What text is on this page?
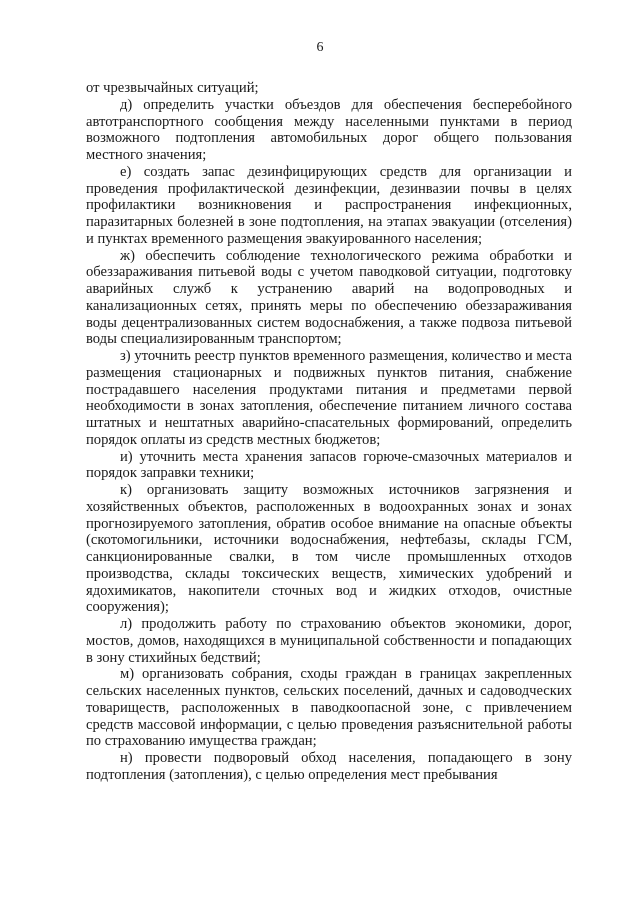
6

от чрезвычайных ситуаций;

д) определить участки объездов для обеспечения бесперебойного автотранспортного сообщения между населенными пунктами в период возможного подтопления автомобильных дорог общего пользования местного значения;

е) создать запас дезинфицирующих средств для организации и проведения профилактической дезинфекции, дезинвазии почвы в целях профилактики возникновения и распространения инфекционных, паразитарных болезней в зоне подтопления, на этапах эвакуации (отселения) и пунктах временного размещения эвакуированного населения;

ж) обеспечить соблюдение технологического режима обработки и обеззараживания питьевой воды с учетом паводковой ситуации, подготовку аварийных служб к устранению аварий на водопроводных и канализационных сетях, принять меры по обеспечению обеззараживания воды децентрализованных систем водоснабжения, а также подвоза питьевой воды специализированным транспортом;

з) уточнить реестр пунктов временного размещения, количество и места размещения стационарных и подвижных пунктов питания, снабжение пострадавшего населения продуктами питания и предметами первой необходимости в зонах затопления, обеспечение питанием личного состава штатных и нештатных аварийно-спасательных формирований, определить порядок оплаты из средств местных бюджетов;

и) уточнить места хранения запасов горюче-смазочных материалов и порядок заправки техники;

к) организовать защиту возможных источников загрязнения и хозяйственных объектов, расположенных в водоохранных зонах и зонах прогнозируемого затопления, обратив особое внимание на опасные объекты (скотомогильники, источники водоснабжения, нефтебазы, склады ГСМ, санкционированные свалки, в том числе промышленных отходов производства, склады токсических веществ, химических удобрений и ядохимикатов, накопители сточных вод и жидких отходов, очистные сооружения);

л) продолжить работу по страхованию объектов экономики, дорог, мостов, домов, находящихся в муниципальной собственности и попадающих в зону стихийных бедствий;

м) организовать собрания, сходы граждан в границах закрепленных сельских населенных пунктов, сельских поселений, дачных и садоводческих товариществ, расположенных в паводкоопасной зоне, с привлечением средств массовой информации, с целью проведения разъяснительной работы по страхованию имущества граждан;

н) провести подворовый обход населения, попадающего в зону подтопления (затопления), с целью определения мест пребывания
